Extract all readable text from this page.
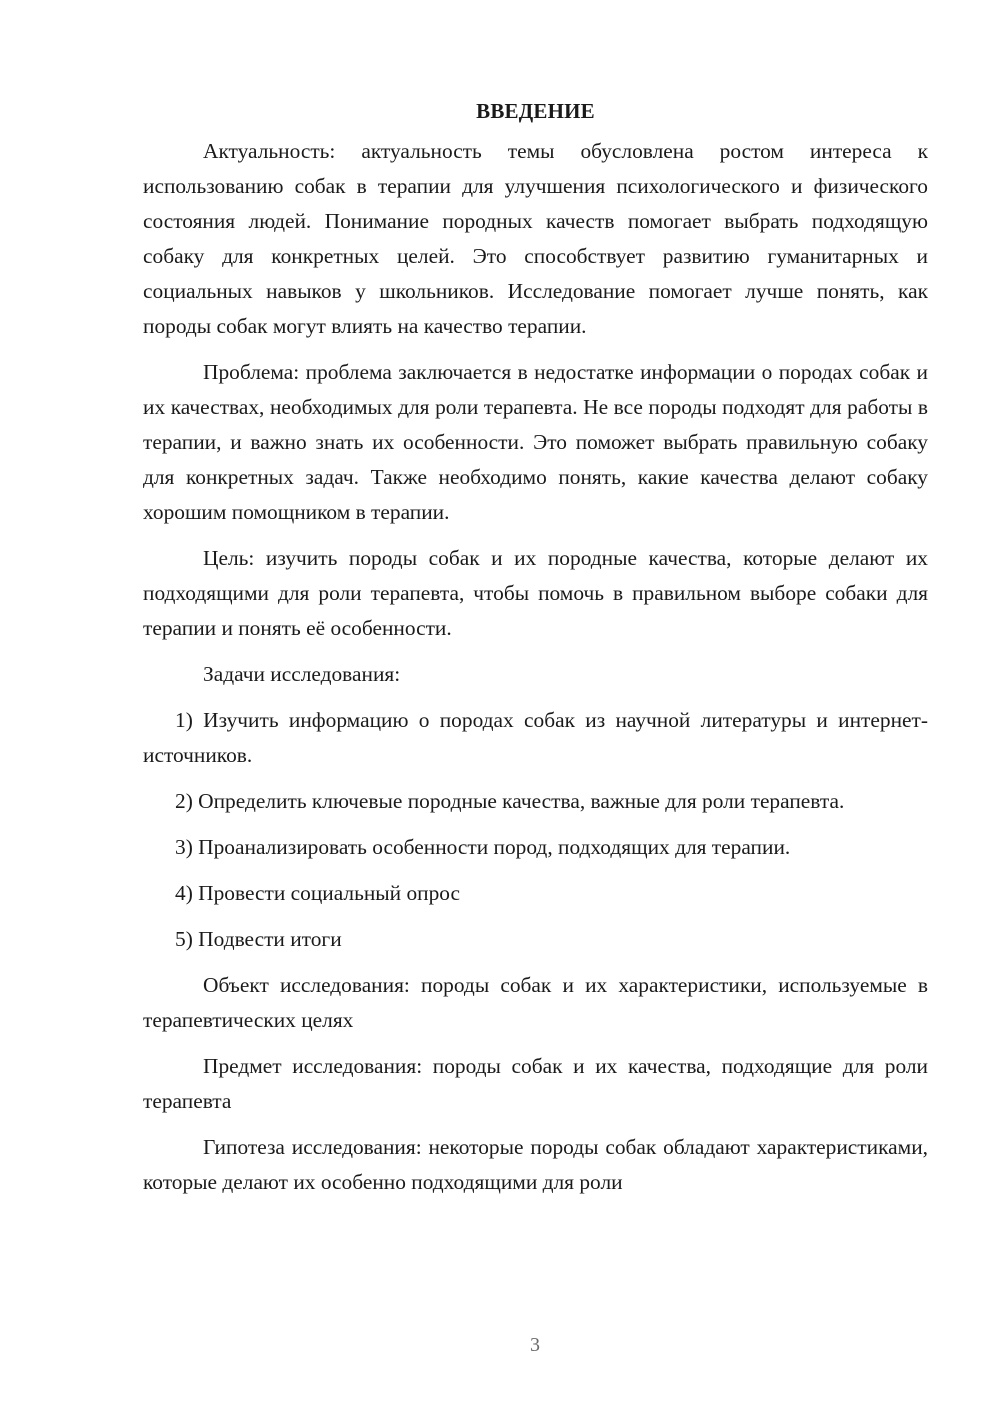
ВВЕДЕНИЕ

Актуальность: актуальность темы обусловлена ростом интереса к использованию собак в терапии для улучшения психологического и физического состояния людей. Понимание породных качеств помогает выбрать подходящую собаку для конкретных целей. Это способствует развитию гуманитарных и социальных навыков у школьников. Исследование помогает лучше понять, как породы собак могут влиять на качество терапии.

Проблема: проблема заключается в недостатке информации о породах собак и их качествах, необходимых для роли терапевта. Не все породы подходят для работы в терапии, и важно знать их особенности. Это поможет выбрать правильную собаку для конкретных задач. Также необходимо понять, какие качества делают собаку хорошим помощником в терапии.

Цель: изучить породы собак и их породные качества, которые делают их подходящими для роли терапевта, чтобы помочь в правильном выборе собаки для терапии и понять её особенности.

Задачи исследования:

1) Изучить информацию о породах собак из научной литературы и интернет-источников.

2) Определить ключевые породные качества, важные для роли терапевта.

3) Проанализировать особенности пород, подходящих для терапии.

4) Провести социальный опрос

5) Подвести итоги

Объект исследования: породы собак и их характеристики, используемые в терапевтических целях

Предмет исследования: породы собак и их качества, подходящие для роли терапевта

Гипотеза исследования: некоторые породы собак обладают характеристиками, которые делают их особенно подходящими для роли

3
